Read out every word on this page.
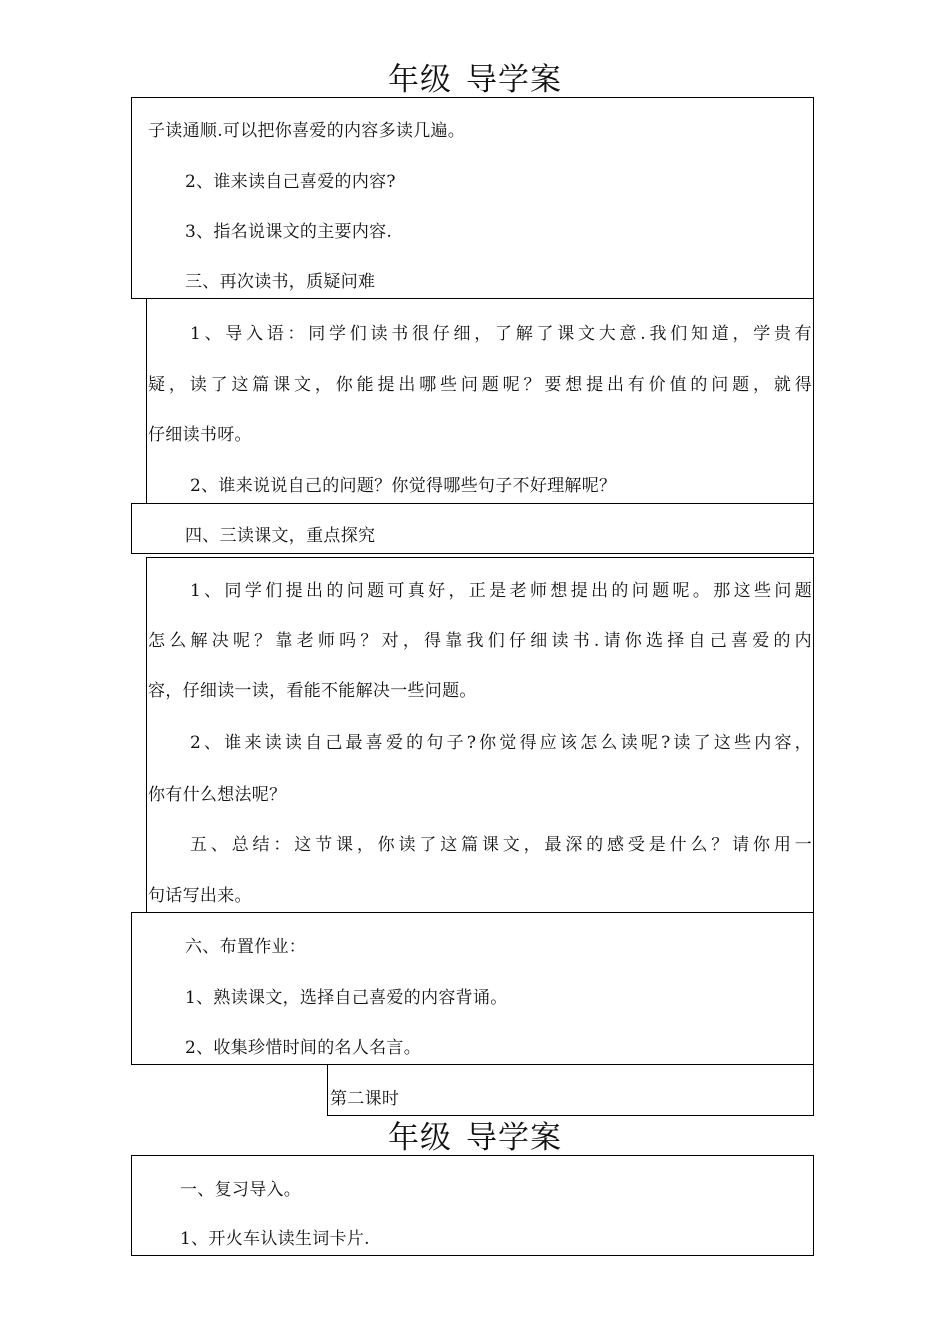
年级 导学案
子读通顺.可以把你喜爱的内容多读几遍。
2、谁来读自己喜爱的内容?
3、指名说课文的主要内容.
三、再次读书，质疑问难
1、导入语：同学们读书很仔细，了解了课文大意.我们知道，学贵有
疑，读了这篇课文，你能提出哪些问题呢？要想提出有价值的问题，就得
仔细读书呀。
2、谁来说说自己的问题？你觉得哪些句子不好理解呢？
四、三读课文，重点探究
1、同学们提出的问题可真好，正是老师想提出的问题呢。那这些问题
怎么解决呢？靠老师吗？对，得靠我们仔细读书.请你选择自己喜爱的内
容，仔细读一读，看能不能解决一些问题。
2、谁来读读自己最喜爱的句子?你觉得应该怎么读呢?读了这些内容，
你有什么想法呢？
五、总结：这节课，你读了这篇课文，最深的感受是什么？请你用一
句话写出来。
六、布置作业：
1、熟读课文，选择自己喜爱的内容背诵。
2、收集珍惜时间的名人名言。
第二课时
年级 导学案
一、复习导入。
1、开火车认读生词卡片.
